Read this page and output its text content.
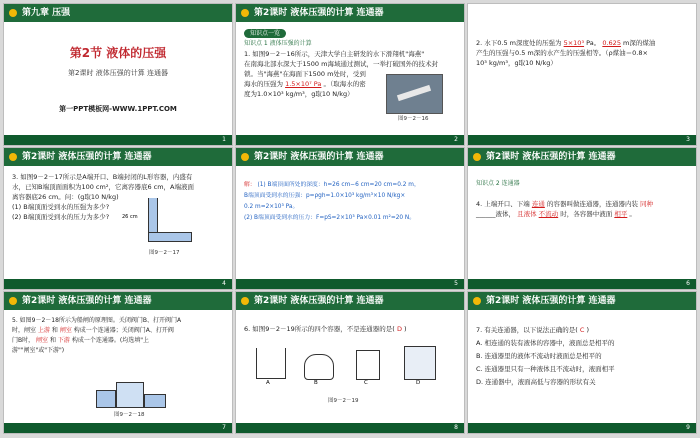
第九章 压强
第2节 液体的压强
第2课时 液体压强的计算 连通器
第一PPT模板网-WWW.1PPT.COM
1
第2课时 液体压强的计算 连通器
知识点一览
知识点 1 液体压强的计算
1. 如图9－2－16所示，天津大学自主研发的水下滑翔机"海燕"
在南海北部水深大于1500 m海域通过测试，一举打破国外的技术封
锁。当"海燕"在海面下1500 m处时，受到
海水的压强为 1.5×10⁷ Pa 。（取海水的密
度为1.0×10³ kg/m³，g取10 N/kg）
图9－2－16
2
2. 水下0.5 m深度处的压强为 5×10³ Pa。 0.625 m深的煤油
产生的压强与0.5 m深的水产生的压强相等。（ρ煤油＝0.8×
10³ kg/m³，g取10 N/kg）
3
第2课时 液体压强的计算 连通器
3. 如图9－2－17所示是A端开口、B端封闭的L形容器，内盛有
水，已知B端顶面面积为100 cm²，它离容器底6 cm，A端液面
离容器底26 cm。问：(g取10 N/kg)
(1) B端顶面受到水的压强为多少?
(2) B端顶面受到水的压力为多少?	26 cm
图9－2－17
4
第2课时 液体压强的计算 连通器
解： (1) B端顶面所处的深度：h=26 cm−6 cm=20 cm=0.2 m，
B端顶面受到水的压强：p=ρgh=1.0×10³ kg/m³×10 N/kg×
0.2 m=2×10³ Pa。
(2) B端顶面受到水的压力：F=pS=2×10³ Pa×0.01 m²=20 N。
5
第2课时 液体压强的计算 连通器
知识点 2 连通器

4. 上端开口、下端 连通 的容器叫做连通器，连通器内装 同种
______液体， 且液体 不流动 时，各容器中液面 相平 。
6
第2课时 液体压强的计算 连通器
5. 如图9－2－18所示为船闸的原理图。关闭阀门B、打开阀门A
时，闸室 上游 和 闸室 构成一个连通器；关闭阀门A、打开阀
门B时， 闸室 和 下游 构成一个连通器。(均选填"上
游""闸室"或"下游")
图9－2－18
7
第2课时 液体压强的计算 连通器
6. 如图9－2－19所示的四个容器，不是连通器的是( D )
A	B	C	D
图9－2－19
8
第2课时 液体压强的计算 连通器
7. 有关连通器，以下说法正确的是( C )
A. 相连通的装有液体的容器中，液面总是相平的
B. 连通器里的液体不流动时液面总是相平的
C. 连通器里只有一种液体且不流动时，液面相平
D. 连通器中，液面高低与容器的形状有关
9
